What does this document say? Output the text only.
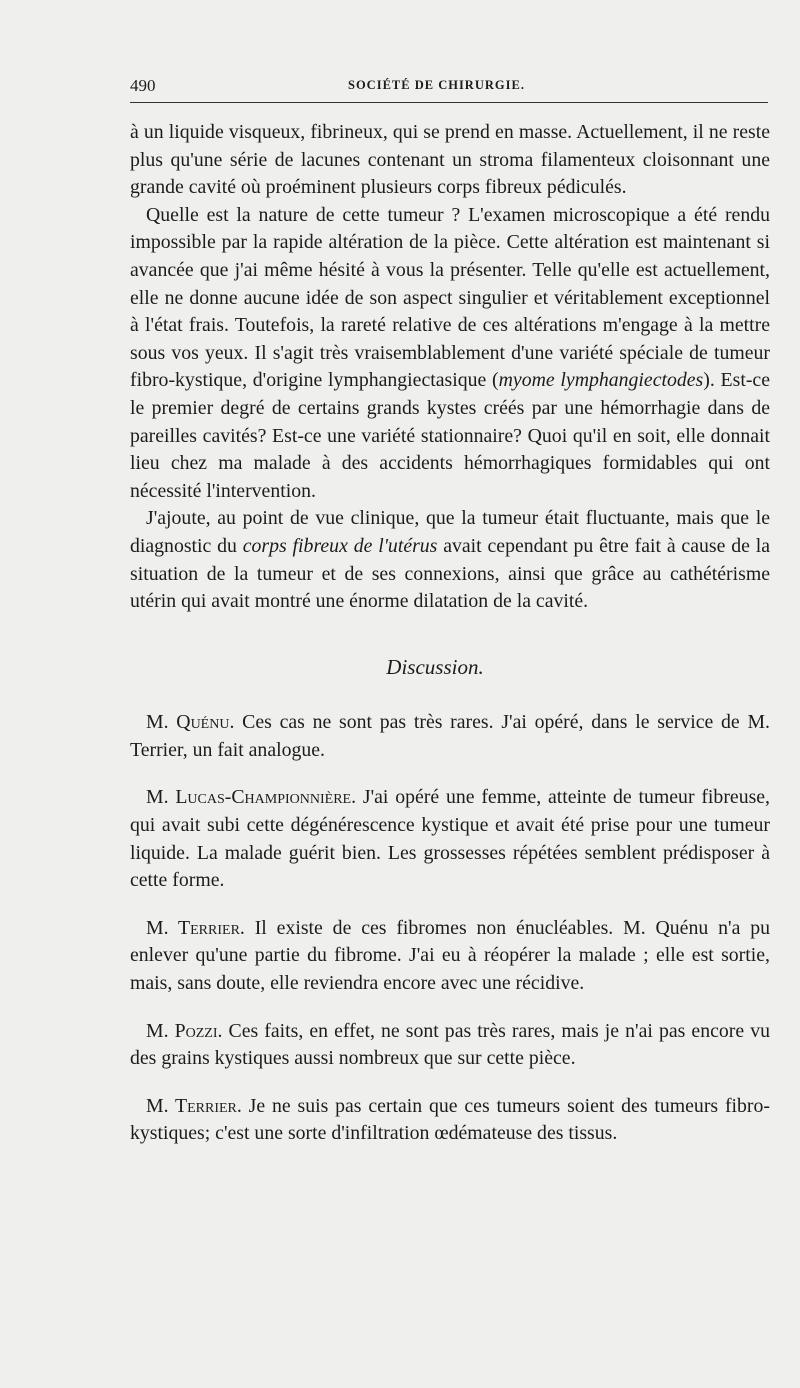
490	SOCIÉTÉ DE CHIRURGIE.

à un liquide visqueux, fibrineux, qui se prend en masse. Actuellement, il ne reste plus qu'une série de lacunes contenant un stroma filamenteux cloisonnant une grande cavité où proéminent plusieurs corps fibreux pédiculés.

Quelle est la nature de cette tumeur ? L'examen microscopique a été rendu impossible par la rapide altération de la pièce. Cette altération est maintenant si avancée que j'ai même hésité à vous la présenter. Telle qu'elle est actuellement, elle ne donne aucune idée de son aspect singulier et véritablement exceptionnel à l'état frais. Toutefois, la rareté relative de ces altérations m'engage à la mettre sous vos yeux. Il s'agit très vraisemblablement d'une variété spéciale de tumeur fibro-kystique, d'origine lymphangiectasique (myome lymphangiectodes). Est-ce le premier degré de certains grands kystes créés par une hémorrhagie dans de pareilles cavités? Est-ce une variété stationnaire? Quoi qu'il en soit, elle donnait lieu chez ma malade à des accidents hémorrhagiques formidables qui ont nécessité l'intervention.

J'ajoute, au point de vue clinique, que la tumeur était fluctuante, mais que le diagnostic du corps fibreux de l'utérus avait cependant pu être fait à cause de la situation de la tumeur et de ses connexions, ainsi que grâce au cathétérisme utérin qui avait montré une énorme dilatation de la cavité.

Discussion.

M. Quénu. Ces cas ne sont pas très rares. J'ai opéré, dans le service de M. Terrier, un fait analogue.

M. Lucas-Championnière. J'ai opéré une femme, atteinte de tumeur fibreuse, qui avait subi cette dégénérescence kystique et avait été prise pour une tumeur liquide. La malade guérit bien. Les grossesses répétées semblent prédisposer à cette forme.

M. Terrier. Il existe de ces fibromes non énucléables. M. Quénu n'a pu enlever qu'une partie du fibrome. J'ai eu à réopérer la malade ; elle est sortie, mais, sans doute, elle reviendra encore avec une récidive.

M. Pozzi. Ces faits, en effet, ne sont pas très rares, mais je n'ai pas encore vu des grains kystiques aussi nombreux que sur cette pièce.

M. Terrier. Je ne suis pas certain que ces tumeurs soient des tumeurs fibro-kystiques; c'est une sorte d'infiltration œdémateuse des tissus.
